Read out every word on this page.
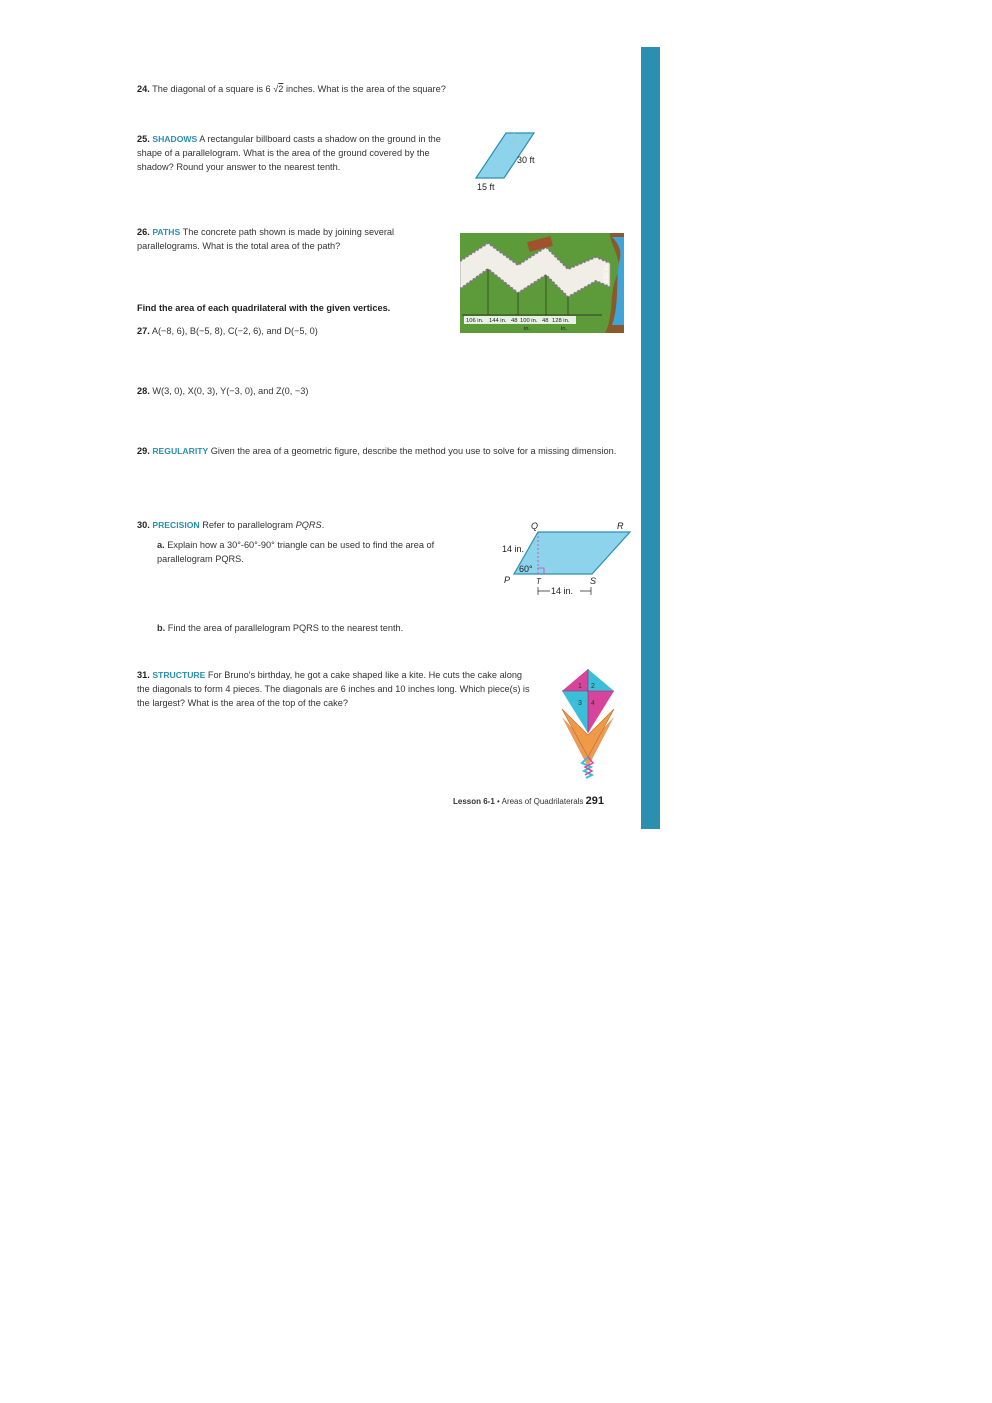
24. The diagonal of a square is 6 √2 inches. What is the area of the square?
25. SHADOWS A rectangular billboard casts a shadow on the ground in the shape of a parallelogram. What is the area of the ground covered by the shadow? Round your answer to the nearest tenth.
30 ft
15 ft
26. PATHS The concrete path shown is made by joining several parallelograms. What is the total area of the path?
102 in.
106 in. 144 in. 48 100 in. 48 128 in.
in.	in.
Find the area of each quadrilateral with the given vertices.
27. A(−8, 6), B(−5, 8), C(−2, 6), and D(−5, 0)
28. W(3, 0), X(0, 3), Y(−3, 0), and Z(0, −3)
29. REGULARITY Given the area of a geometric figure, describe the method you use to solve for a missing dimension.
30. PRECISION Refer to parallelogram PQRS.
a. Explain how a 30°-60°-90° triangle can be used to find the area of parallelogram PQRS.
b. Find the area of parallelogram PQRS to the nearest tenth.
Q	R
P	S
T
14 in.
60°
14 in.
31. STRUCTURE For Bruno's birthday, he got a cake shaped like a kite. He cuts the cake along the diagonals to form 4 pieces. The diagonals are 6 inches and 10 inches long. Which piece(s) is the largest? What is the area of the top of the cake?
1 2
3 4
Lesson 6-1 • Areas of Quadrilaterals 291
